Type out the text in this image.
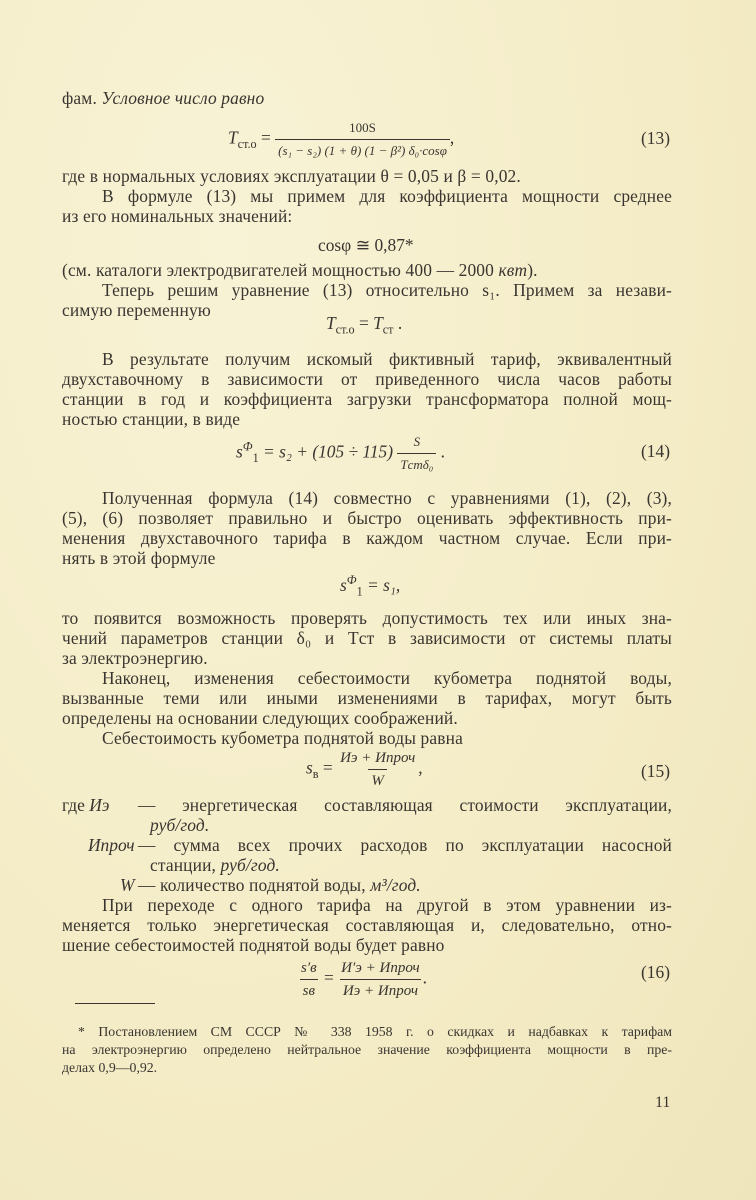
фам. Условное число равно
$T_{ст.о} = \frac{100S}{\text{(s₁ − s₂) (1 + θ) (1 − β²) δ₀·cosφ}}$ ,	(13)
где в нормальных условиях эксплуатации θ = 0,05 и β = 0,02.
В формуле (13) мы примем для коэффициента мощности среднее
из его номинальных значений:
cosφ ≅ 0,87*
(см. каталоги электродвигателей мощностью 400 — 2000 квт).
Теперь решим уравнение (13) относительно s₁. Примем за незави-
симую переменную
$T_{ст.о} = T_{ст}$ .
В результате получим искомый фиктивный тариф, эквивалентный
двухставочному в зависимости от приведенного числа часов работы
станции в год и коэффициента загрузки трансформатора полной мощ-
ностью станции, в виде
$s^Ф_1 = s_2 + (105 \div 115) \frac{S}{\text{Tстδ₀}}$ .	(14)
Полученная формула (14) совместно с уравнениями (1), (2), (3),
(5), (6) позволяет правильно и быстро оценивать эффективность при-
менения двухставочного тарифа в каждом частном случае. Если при-
нять в этой формуле
$s^Ф_1 = s_1$,
то появится возможность проверять допустимость тех или иных зна-
чений параметров станции δ₀ и Tст в зависимости от системы платы
за электроэнергию.
Наконец, изменения себестоимости кубометра поднятой воды,
вызванные теми или иными изменениями в тарифах, могут быть
определены на основании следующих соображений.
Себестоимость кубометра поднятой воды равна
$s_в = \frac{\text{Иэ + Ипроч}}{W}$ ,	(15)
где Иэ — энергетическая составляющая стоимости эксплуатации,
руб/год.
Ипроч — сумма всех прочих расходов по эксплуатации насосной
станции, руб/год.
W — количество поднятой воды, м³/год.
При переходе с одного тарифа на другой в этом уравнении из-
меняется только энергетическая составляющая и, следовательно, отно-
шение себестоимостей поднятой воды будет равно
$\frac{s'в}{sв} = \frac{\text{И′э + Ипроч}}{\text{Иэ + Ипроч}}$ .	(16)
* Постановлением СМ СССР № 338 1958 г. о скидках и надбавках к тарифам
на электроэнергию определено нейтральное значение коэффициента мощности в пре-
делах 0,9—0,92.
11
